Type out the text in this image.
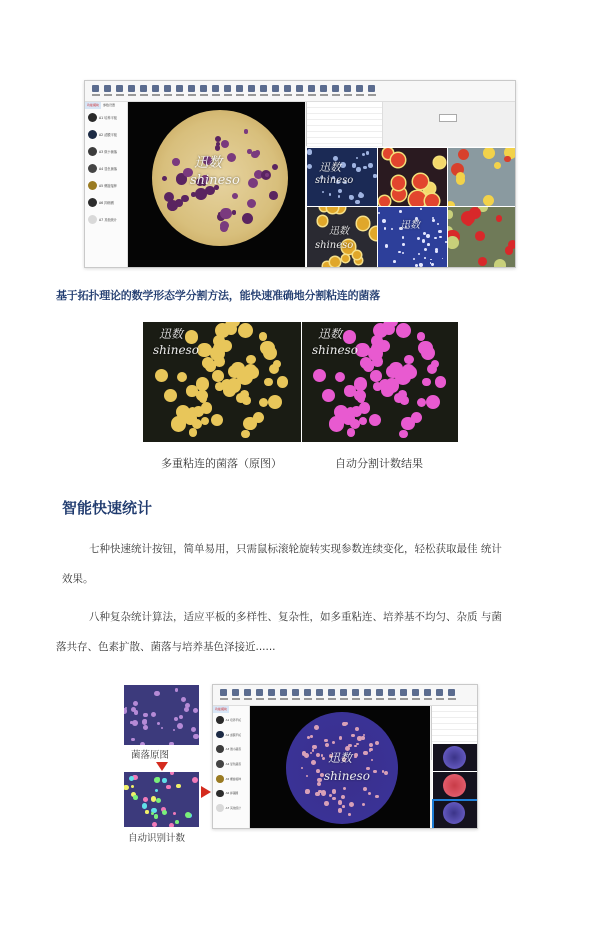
功能模块	参数设置
A1 培养平板
A2 滤膜平板
A3 微小菌落
A4 显色菌落
A5 螺旋接种
A6 抑菌圈
A7 其他统计
迅数
shineso
迅数
shineso
迅数
shineso
迅数
基于拓扑理论的数学形态学分割方法，能快速准确地分割粘连的菌落
迅数
shineso
迅数
shineso
多重粘连的菌落（原图）	自动分割计数结果
智能快速统计
七种快速统计按钮，简单易用，只需鼠标滚轮旋转实现参数连续变化，轻松获取最佳 统计
效果。
八种复杂统计算法，适应平板的多样性、复杂性，如多重粘连、培养基不均匀、杂质 与菌
落共存、色素扩散、菌落与培养基色泽接近......
菌落原图
自动识别计数
功能模块
A1 培养平板
A2 滤膜平板
A3 微小菌落
A4 显色菌落
A5 螺旋接种
A6 抑菌圈
A7 其他统计
迅数
shineso
